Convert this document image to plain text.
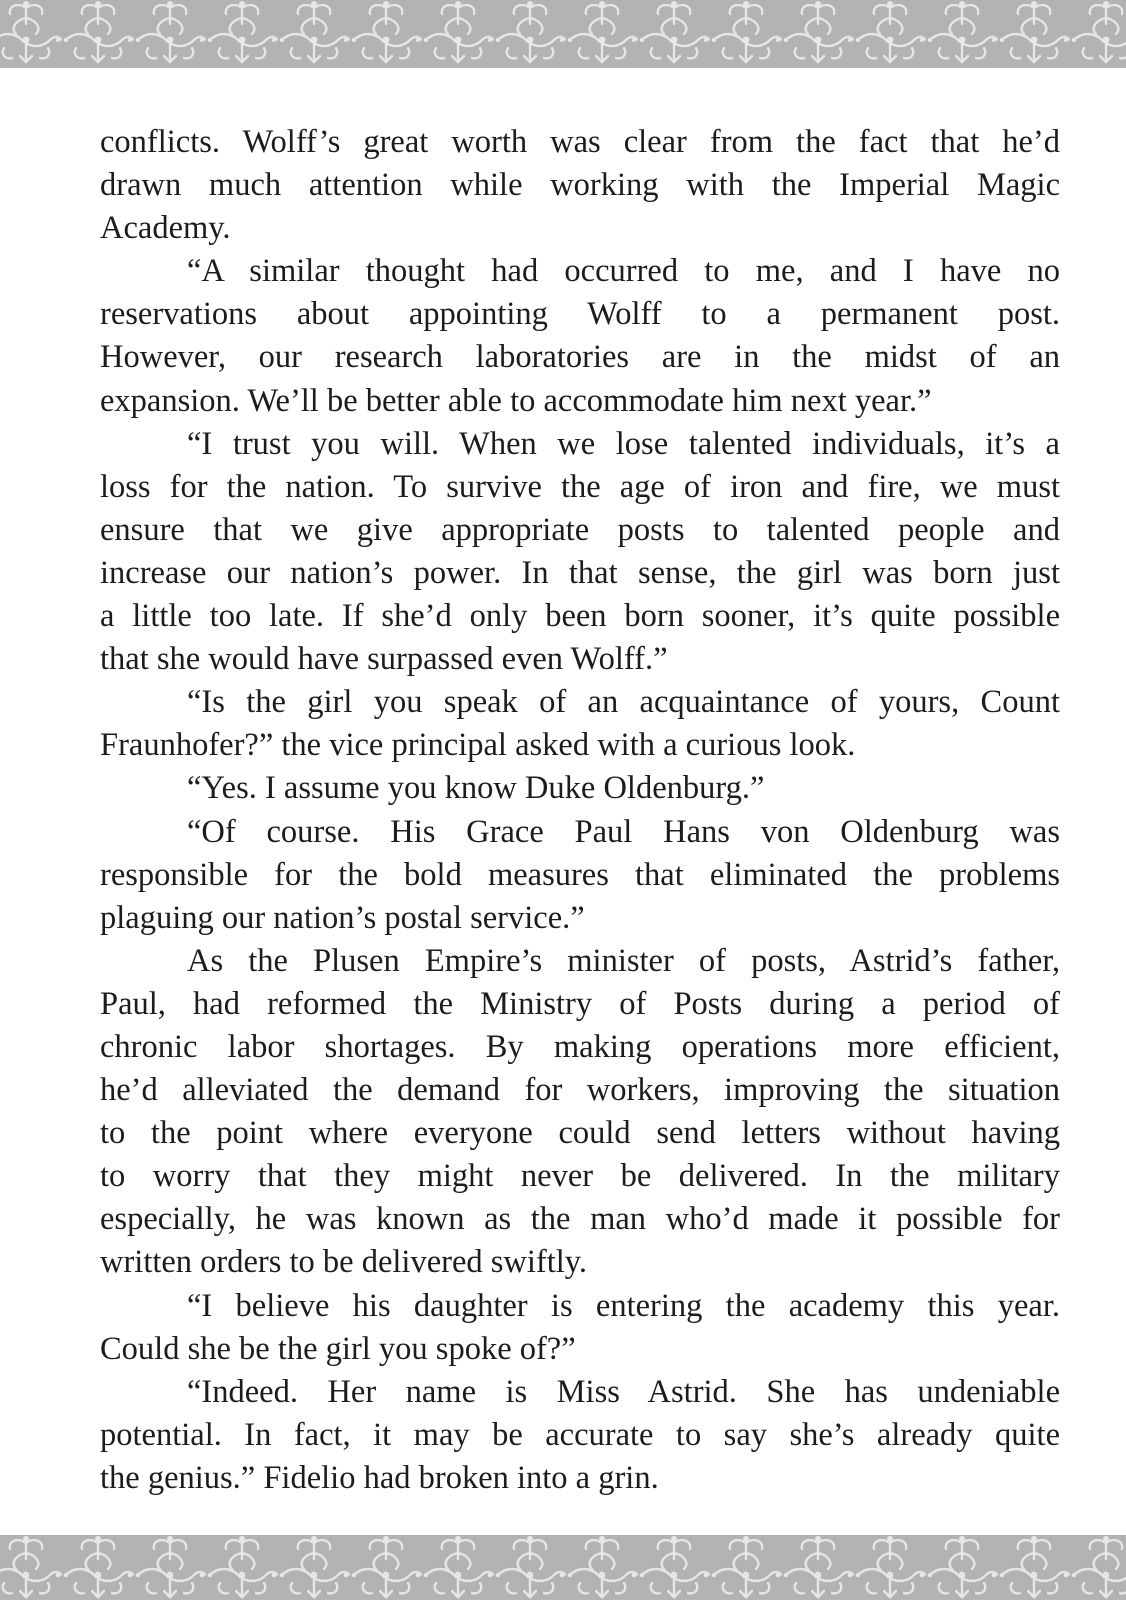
conflicts. Wolff’s great worth was clear from the fact that he’d

drawn much attention while working with the Imperial Magic

Academy.

“A similar thought had occurred to me, and I have no

reservations about appointing Wolff to a permanent post.

However, our research laboratories are in the midst of an

expansion. We’ll be better able to accommodate him next year.”

“I trust you will. When we lose talented individuals, it’s a

loss for the nation. To survive the age of iron and fire, we must

ensure that we give appropriate posts to talented people and

increase our nation’s power. In that sense, the girl was born just

a little too late. If she’d only been born sooner, it’s quite possible

that she would have surpassed even Wolff.”

“Is the girl you speak of an acquaintance of yours, Count

Fraunhofer?” the vice principal asked with a curious look.

“Yes. I assume you know Duke Oldenburg.”

“Of course. His Grace Paul Hans von Oldenburg was

responsible for the bold measures that eliminated the problems

plaguing our nation’s postal service.”

As the Plusen Empire’s minister of posts, Astrid’s father,

Paul, had reformed the Ministry of Posts during a period of

chronic labor shortages. By making operations more efficient,

he’d alleviated the demand for workers, improving the situation

to the point where everyone could send letters without having

to worry that they might never be delivered. In the military

especially, he was known as the man who’d made it possible for

written orders to be delivered swiftly.

“I believe his daughter is entering the academy this year.

Could she be the girl you spoke of?”

“Indeed. Her name is Miss Astrid. She has undeniable

potential. In fact, it may be accurate to say she’s already quite

the genius.” Fidelio had broken into a grin.
